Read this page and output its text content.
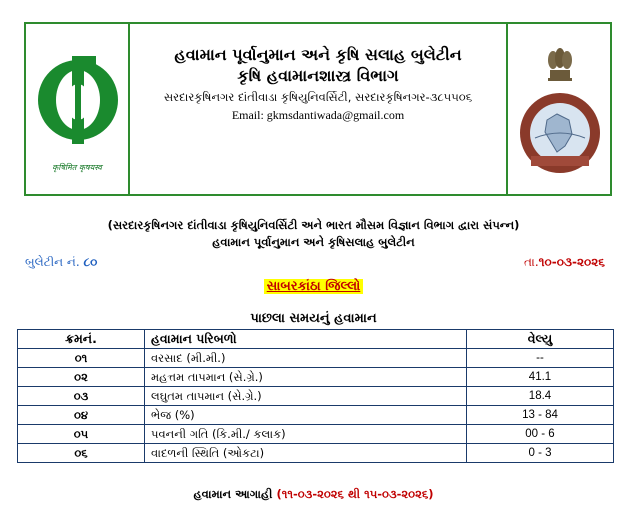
कृषिमित कृषयस्व
હવામાન પૂર્વાનુમાન અને કૃષિ સલાહ બુલેટીન
કૃષિ હવામાનશાસ્ત્ર વિભાગ
સરદારકૃષિનગર દાંતીવાડા કૃષિયુનિવર્સિટી, સરદારકૃષિનગર-૩૮૫૫૦૬
Email: gkmsdantiwada@gmail.com
(સરદારકૃષિનગર દાંતીવાડા કૃષિયુનિવર્સિટી અને ભારત મૌસમ વિજ્ઞાન વિભાગ દ્વારા સંપન્ન)
હવામાન પૂર્વાનુમાન અને કૃષિસલાહ બુલેટીન
બુલેટીન નં. ૮૦	તા.૧૦-૦૩-૨૦૨૬
સાબરકાંઠા જિલ્લો
પાછલા સમયનું હવામાન
ક્રમનં.	હવામાન પરિબળો	વેલ્યુ
૦૧	વરસાદ (મી.મી.)	--
૦૨	મહત્તમ તાપમાન (સે.ગ્રે.)	41.1
૦૩	લઘુતમ તાપમાન (સે.ગ્રે.)	18.4
૦૪	ભેજ (%)	13 - 84
૦૫	પવનની ગતિ (કિ.મી./ કલાક)	00 - 6
૦૬	વાદળની સ્થિતિ (ઓકટા)	0 - 3
હવામાન આગાહી (૧૧-૦૩-૨૦૨૬ થી ૧૫-૦૩-૨૦૨૬)
